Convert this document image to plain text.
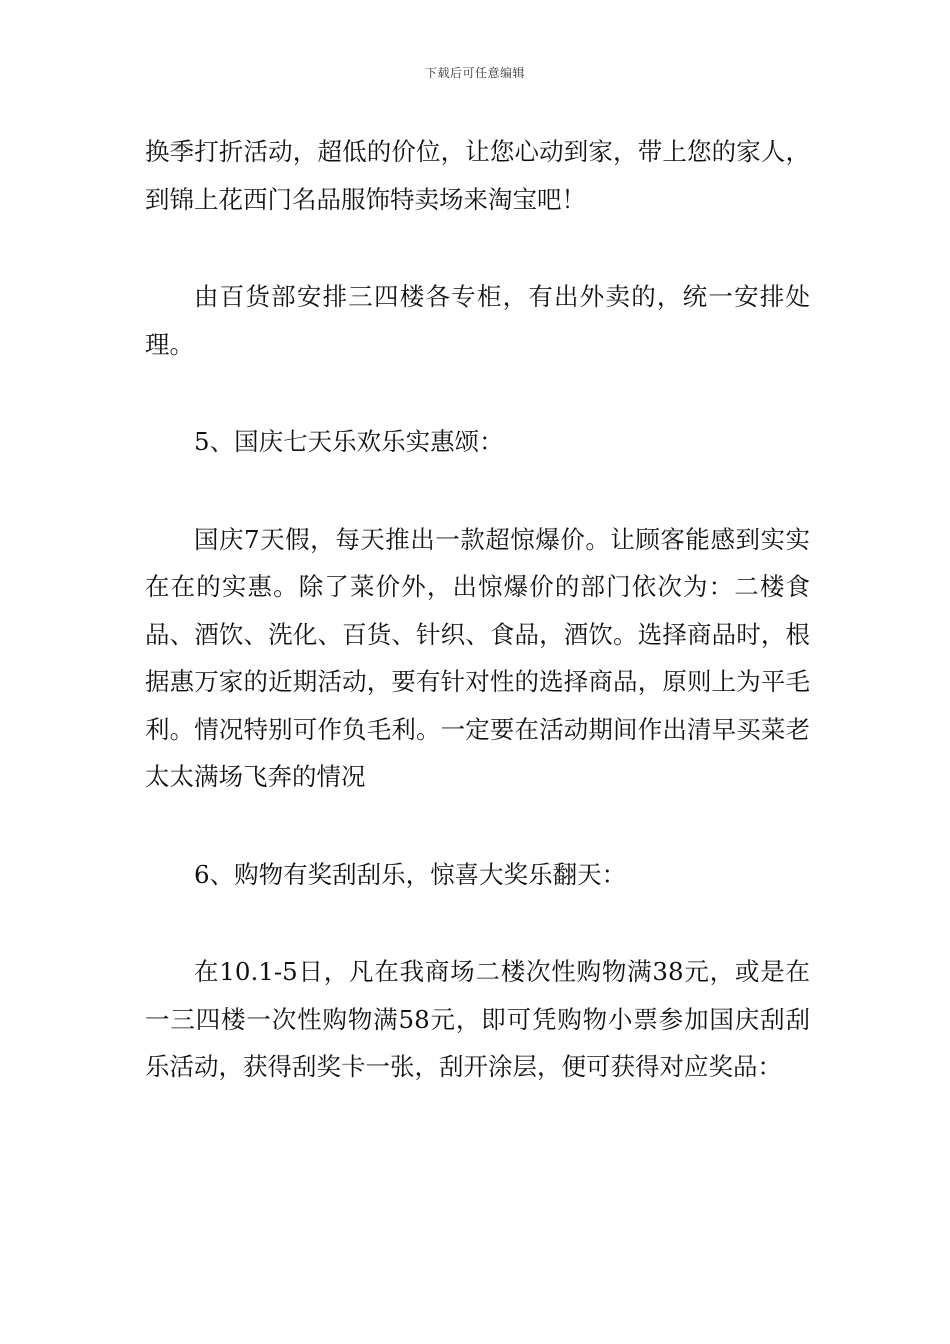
下载后可任意编辑

换季打折活动，超低的价位，让您心动到家，带上您的家人，到锦上花西门名品服饰特卖场来淘宝吧！

由百货部安排三四楼各专柜，有出外卖的，统一安排处理。

5、国庆七天乐欢乐实惠颂：

国庆7天假，每天推出一款超惊爆价。让顾客能感到实实在在的实惠。除了菜价外，出惊爆价的部门依次为：二楼食品、酒饮、洗化、百货、针织、食品，酒饮。选择商品时，根据惠万家的近期活动，要有针对性的选择商品，原则上为平毛利。情况特别可作负毛利。一定要在活动期间作出清早买菜老太太满场飞奔的情况

6、购物有奖刮刮乐，惊喜大奖乐翻天：

在10.1-5日，凡在我商场二楼次性购物满38元，或是在一三四楼一次性购物满58元，即可凭购物小票参加国庆刮刮乐活动，获得刮奖卡一张，刮开涂层，便可获得对应奖品：
